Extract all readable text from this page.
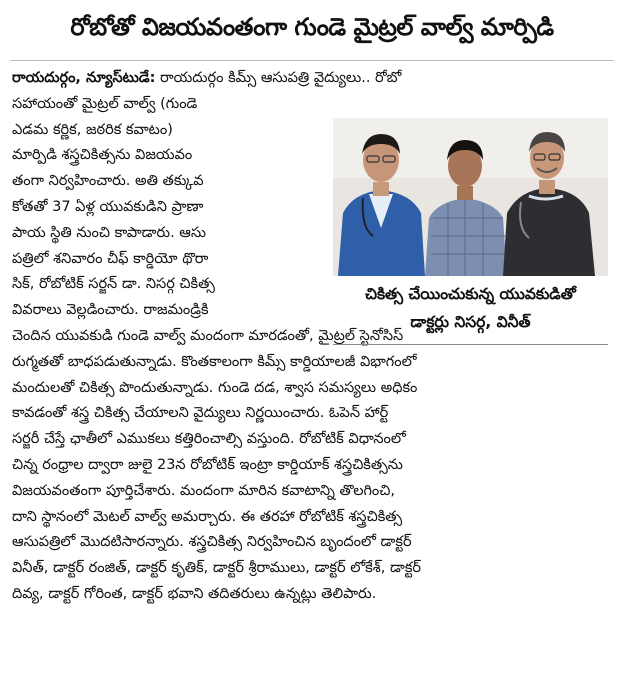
రోబోతో విజయవంతంగా గుండె మైట్రల్ వాల్వ్ మార్పిడి
రాయదుర్గం, న్యూస్‌టుడే: రాయదుర్గం కిమ్స్ ఆసుపత్రి వైద్యులు.. రోబో
సహాయంతో మైట్రల్ వాల్వ్ (గుండె
ఎడమ కర్ణిక, జఠరిక కవాటం)
మార్పిడి శస్త్రచికిత్సను విజయవం
తంగా నిర్వహించారు. అతి తక్కువ
కోతతో 37 ఏళ్ల యువకుడిని ప్రాణా
పాయ స్థితి నుంచి కాపాడారు. ఆసు
పత్రిలో శనివారం చీఫ్ కార్డియో థొరా
సిక్, రోబోటిక్ సర్జన్ డా. నిసర్గ చికిత్స
వివరాలు వెల్లడించారు. రాజమండ్రికి
చెందిన యువకుడి గుండె వాల్వ్ మందంగా మారడంతో, మైట్రల్ స్టెనోసిస్
రుగ్మతతో బాధపడుతున్నాడు. కొంతకాలంగా కిమ్స్ కార్డియాలజీ విభాగంలో
మందులతో చికిత్స పొందుతున్నాడు. గుండె దడ, శ్వాస సమస్యలు అధికం
కావడంతో శస్త్ర చికిత్స చేయాలని వైద్యులు నిర్ణయించారు. ఓపెన్ హార్ట్
సర్జరీ చేస్తే ఛాతీలో ఎముకలు కత్తిరించాల్సి వస్తుంది. రోబోటిక్ విధానంలో
చిన్న రంధ్రాల ద్వారా జులై 23న రోబోటిక్ ఇంట్రా కార్డియాక్ శస్త్రచికిత్సను
విజయవంతంగా పూర్తిచేశారు. మందంగా మారిన కవాటాన్ని తొలగించి,
దాని స్థానంలో మెటల్ వాల్వ్ అమర్చారు. ఈ తరహా రోబోటిక్ శస్త్రచికిత్స
ఆసుపత్రిలో మొదటిసారన్నారు. శస్త్రచికిత్స నిర్వహించిన బృందంలో డాక్టర్
వినీత్, డాక్టర్ రంజిత్, డాక్టర్ కృతిక్, డాక్టర్ శ్రీరాములు, డాక్టర్ లోకేశ్, డాక్టర్
దివ్య, డాక్టర్ గోరింత, డాక్టర్ భవాని తదితరులు ఉన్నట్లు తెలిపారు.
చికిత్స చేయించుకున్న యువకుడితో
డాక్టర్లు నిసర్గ, వినీత్
